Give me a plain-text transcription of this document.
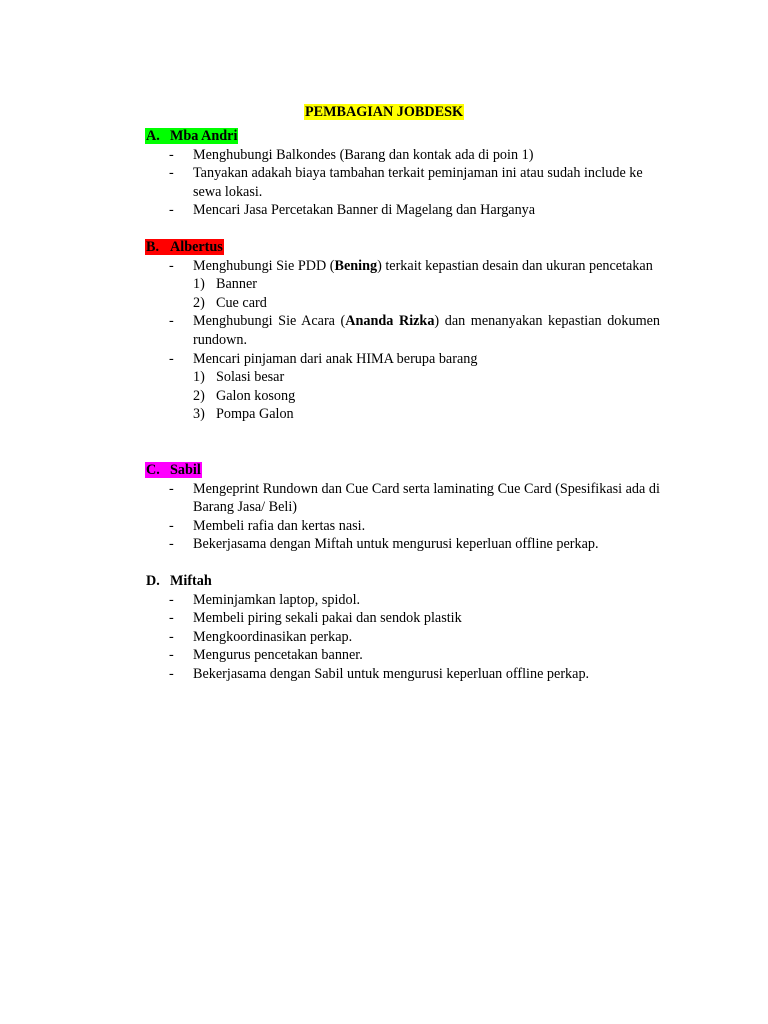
PEMBAGIAN JOBDESK
A. Mba Andri
- Menghubungi Balkondes (Barang dan kontak ada di poin 1)
- Tanyakan adakah biaya tambahan terkait peminjaman ini atau sudah include ke sewa lokasi.
- Mencari Jasa Percetakan Banner di Magelang dan Harganya
B. Albertus
- Menghubungi Sie PDD (Bening) terkait kepastian desain dan ukuran pencetakan
1) Banner
2) Cue card
- Menghubungi Sie Acara (Ananda Rizka) dan menanyakan kepastian dokumen rundown.
- Mencari pinjaman dari anak HIMA berupa barang
1) Solasi besar
2) Galon kosong
3) Pompa Galon
C. Sabil
- Mengeprint Rundown dan Cue Card serta laminating Cue Card (Spesifikasi ada di Barang Jasa/ Beli)
- Membeli rafia dan kertas nasi.
- Bekerjasama dengan Miftah untuk mengurusi keperluan offline perkap.
D. Miftah
- Meminjamkan laptop, spidol.
- Membeli piring sekali pakai dan sendok plastik
- Mengkoordinasikan perkap.
- Mengurus pencetakan banner.
- Bekerjasama dengan Sabil untuk mengurusi keperluan offline perkap.
